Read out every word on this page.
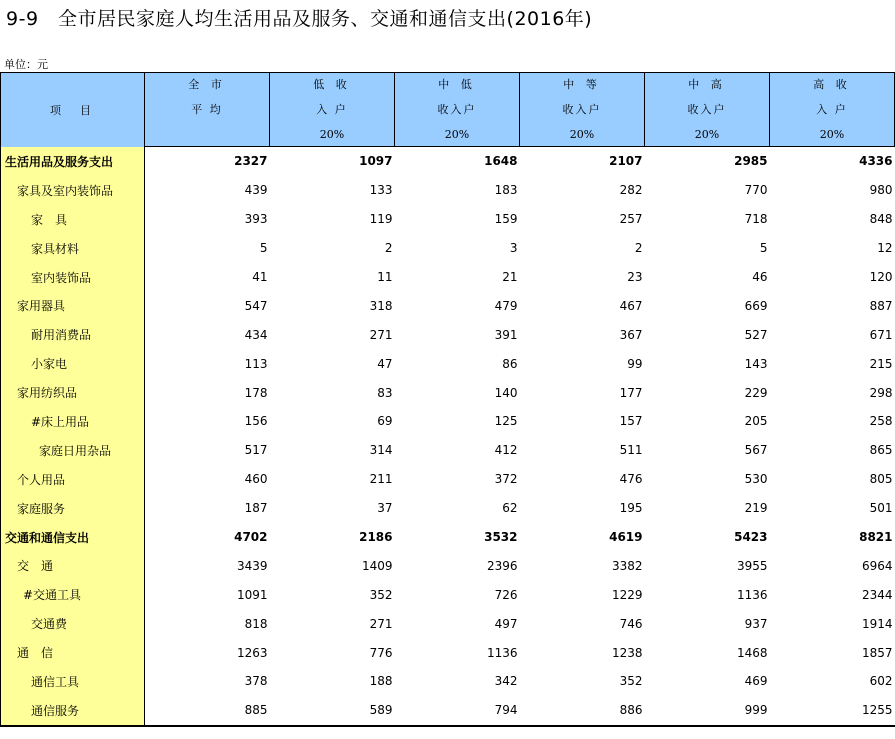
9-9　全市居民家庭人均生活用品及服务、交通和通信支出(2016年)
单位：元
项　目	全 市	低 收	中 低	中 等	中 高	高 收
	平 均	入 户	收入户	收入户	收入户	入 户
		20%	20%	20%	20%	20%
生活用品及服务支出	2327	1097	1648	2107	2985	4336
家具及室内装饰品	439	133	183	282	770	980
家　具	393	119	159	257	718	848
家具材料	5	2	3	2	5	12
室内装饰品	41	11	21	23	46	120
家用器具	547	318	479	467	669	887
耐用消费品	434	271	391	367	527	671
小家电	113	47	86	99	143	215
家用纺织品	178	83	140	177	229	298
#床上用品	156	69	125	157	205	258
家庭日用杂品	517	314	412	511	567	865
个人用品	460	211	372	476	530	805
家庭服务	187	37	62	195	219	501
交通和通信支出	4702	2186	3532	4619	5423	8821
交　通	3439	1409	2396	3382	3955	6964
#交通工具	1091	352	726	1229	1136	2344
交通费	818	271	497	746	937	1914
通　信	1263	776	1136	1238	1468	1857
通信工具	378	188	342	352	469	602
通信服务	885	589	794	886	999	1255
